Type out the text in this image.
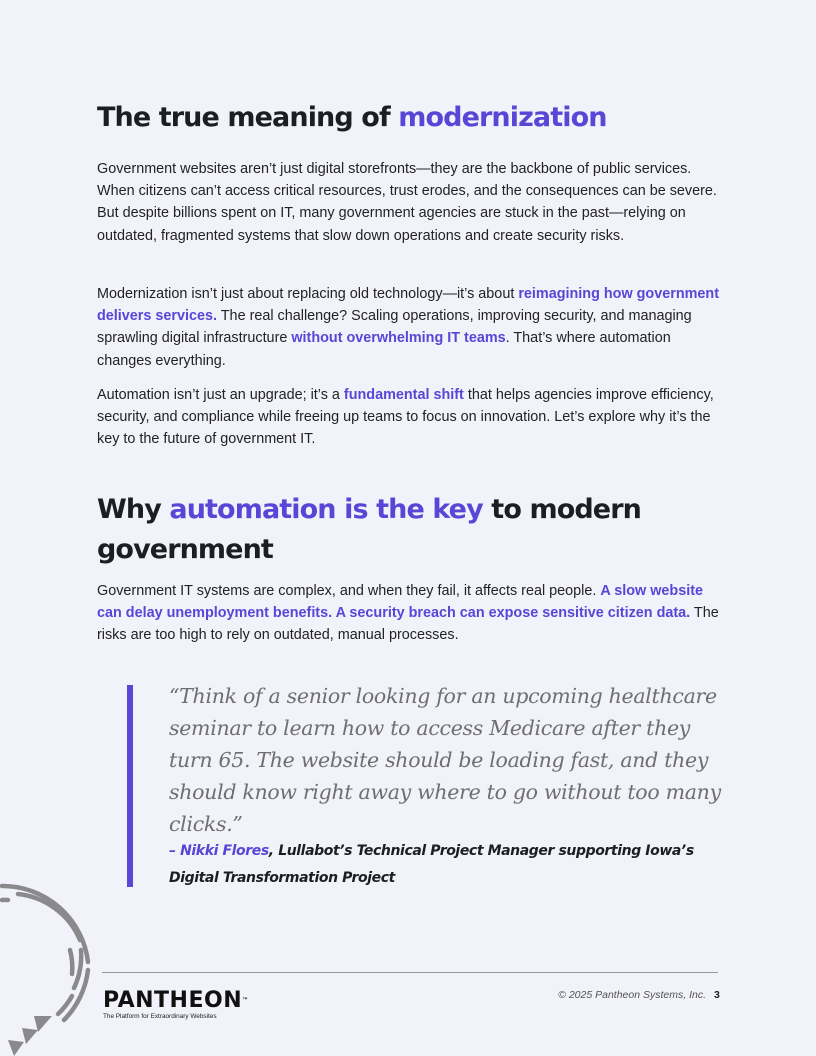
The true meaning of modernization

Government websites aren’t just digital storefronts—they are the backbone of public services. When citizens can’t access critical resources, trust erodes, and the consequences can be severe. But despite billions spent on IT, many government agencies are stuck in the past—relying on outdated, fragmented systems that slow down operations and create security risks.

Modernization isn’t just about replacing old technology—it’s about reimagining how government delivers services. The real challenge? Scaling operations, improving security, and managing sprawling digital infrastructure without overwhelming IT teams. That’s where automation changes everything.

Automation isn’t just an upgrade; it’s a fundamental shift that helps agencies improve efficiency, security, and compliance while freeing up teams to focus on innovation. Let’s explore why it’s the key to the future of government IT.

Why automation is the key to modern government

Government IT systems are complex, and when they fail, it affects real people. A slow website can delay unemployment benefits. A security breach can expose sensitive citizen data. The risks are too high to rely on outdated, manual processes.

“Think of a senior looking for an upcoming healthcare seminar to learn how to access Medicare after they turn 65. The website should be loading fast, and they should know right away where to go without too many clicks.”

– Nikki Flores, Lullabot’s Technical Project Manager supporting Iowa’s Digital Transformation Project

PANTHEON™
The Platform for Extraordinary Websites
© 2025 Pantheon Systems, Inc. 3
